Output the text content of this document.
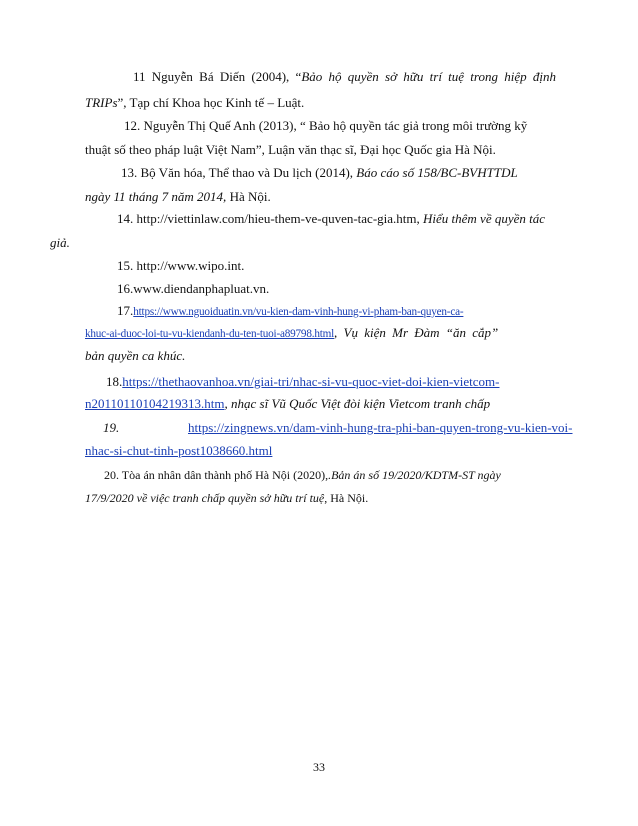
11 Nguyễn Bá Diến (2004), “Bảo hộ quyền sở hữu trí tuệ trong hiệp định
TRIPs”, Tạp chí Khoa học Kinh tế – Luật.
12. Nguyễn Thị Quế Anh (2013), “ Bảo hộ quyền tác giả trong môi trường kỹ
thuật số theo pháp luật Việt Nam”, Luận văn thạc sĩ, Đại học Quốc gia Hà Nội.
13. Bộ Văn hóa, Thể thao và Du lịch (2014), Báo cáo số 158/BC-BVHTTDL
ngày 11 tháng 7 năm 2014, Hà Nội.
14. http://viettinlaw.com/hieu-them-ve-quven-tac-gia.htm, Hiểu thêm về quyền tác
giả.
15. http://www.wipo.int.
16.www.diendanphapluat.vn.
17.https://www.nguoiduatin.vn/vu-kien-dam-vinh-hung-vi-pham-ban-quyen-ca-
khuc-ai-duoc-loi-tu-vu-kiendanh-du-ten-tuoi-a89798.html, Vụ kiện Mr Đàm “ăn cắp”
bản quyền ca khúc.
18.https://thethaovanhoa.vn/giai-tri/nhac-si-vu-quoc-viet-doi-kien-vietcom-
n20110110104219313.htm, nhạc sĩ Vũ Quốc Việt đòi kiện Vietcom tranh chấp
19.	https://zingnews.vn/dam-vinh-hung-tra-phi-ban-quyen-trong-vu-kien-voi-
nhac-si-chut-tinh-post1038660.html
20. Tòa án nhân dân thành phố Hà Nội (2020),.Bản án số 19/2020/KDTM-ST ngày
17/9/2020 về việc tranh chấp quyền sở hữu trí tuệ, Hà Nội.
33
